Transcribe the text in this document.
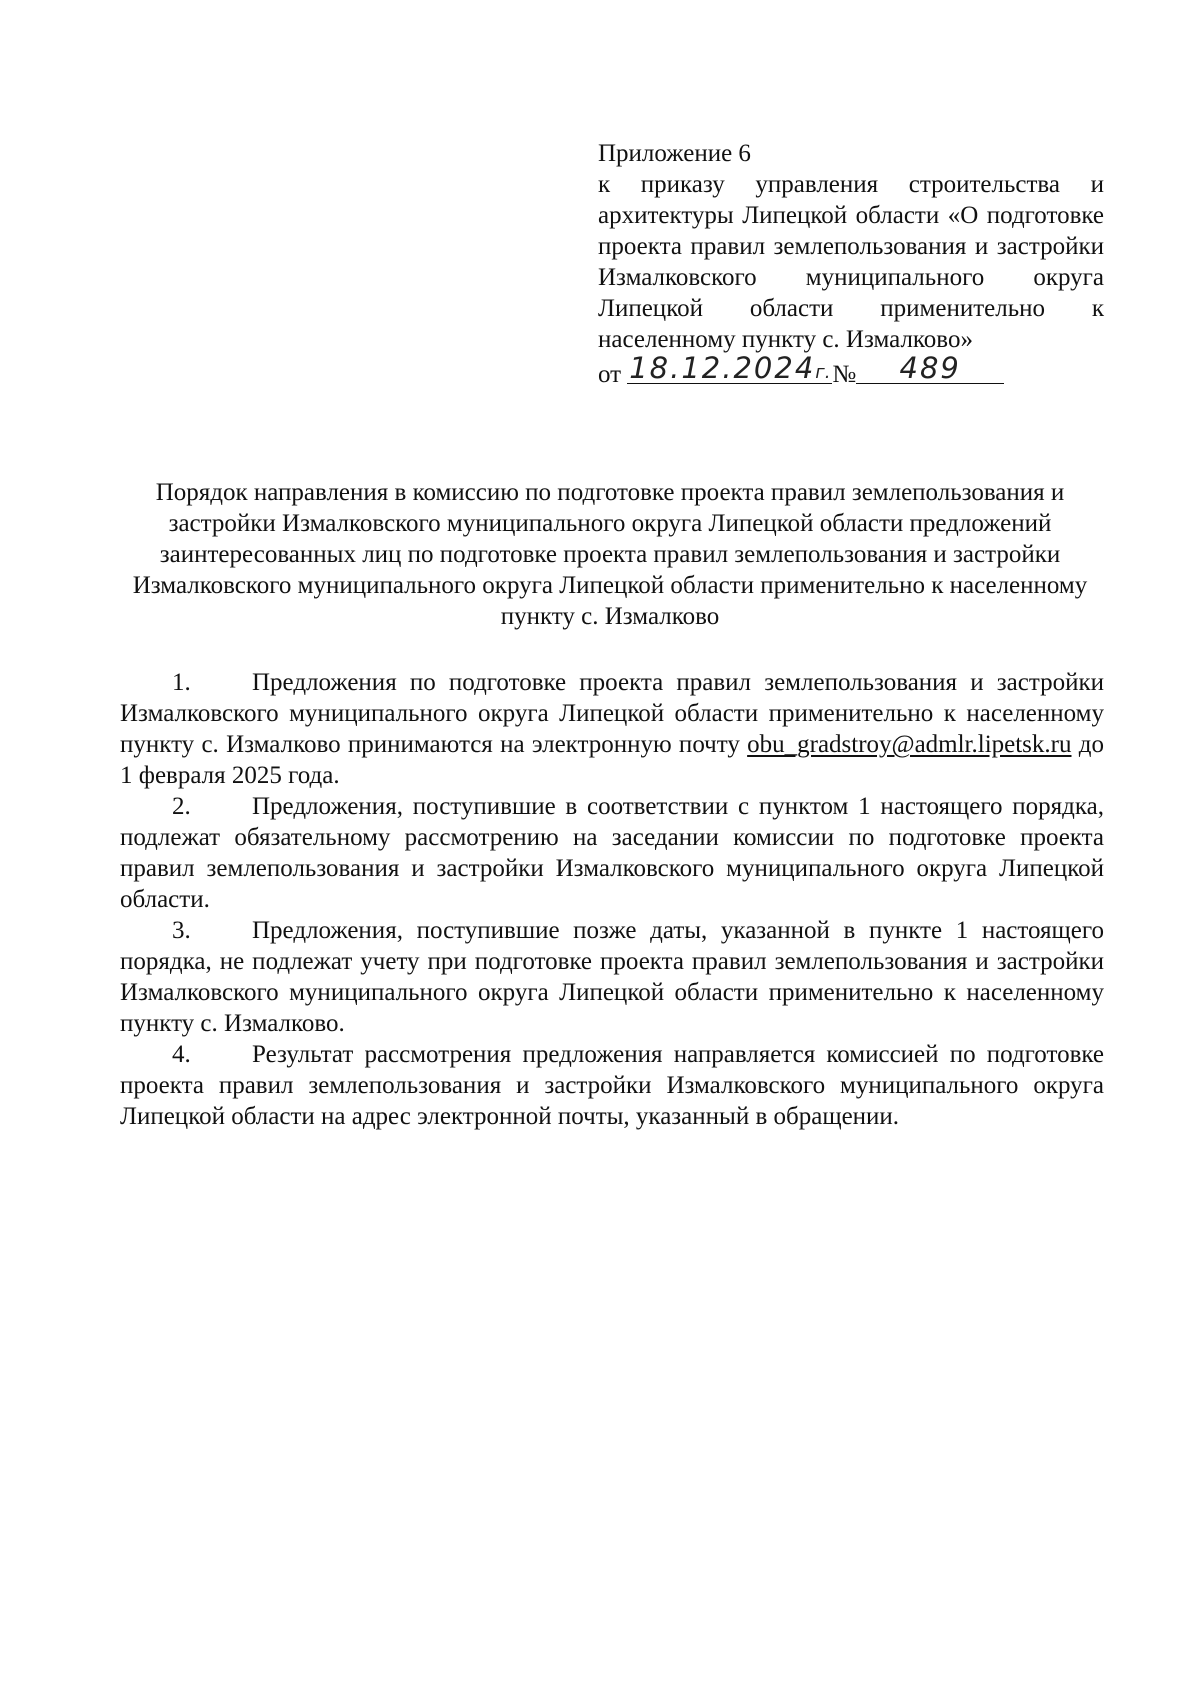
Приложение 6
к приказу управления строительства и архитектуры Липецкой области «О подготовке проекта правил землепользования и застройки Измалковского муниципального округа Липецкой области применительно к населенному пункту с. Измалково»
от 18.12.2024г.№ 489
Порядок направления в комиссию по подготовке проекта правил землепользования и застройки Измалковского муниципального округа Липецкой области предложений заинтересованных лиц по подготовке проекта правил землепользования и застройки Измалковского муниципального округа Липецкой области применительно к населенному пункту с. Измалково

1. Предложения по подготовке проекта правил землепользования и застройки Измалковского муниципального округа Липецкой области применительно к населенному пункту с. Измалково принимаются на электронную почту obu_gradstroy@admlr.lipetsk.ru до 1 февраля 2025 года.

2. Предложения, поступившие в соответствии с пунктом 1 настоящего порядка, подлежат обязательному рассмотрению на заседании комиссии по подготовке проекта правил землепользования и застройки Измалковского муниципального округа Липецкой области.

3. Предложения, поступившие позже даты, указанной в пункте 1 настоящего порядка, не подлежат учету при подготовке проекта правил землепользования и застройки Измалковского муниципального округа Липецкой области применительно к населенному пункту с. Измалково.

4. Результат рассмотрения предложения направляется комиссией по подготовке проекта правил землепользования и застройки Измалковского муниципального округа Липецкой области на адрес электронной почты, указанный в обращении.
